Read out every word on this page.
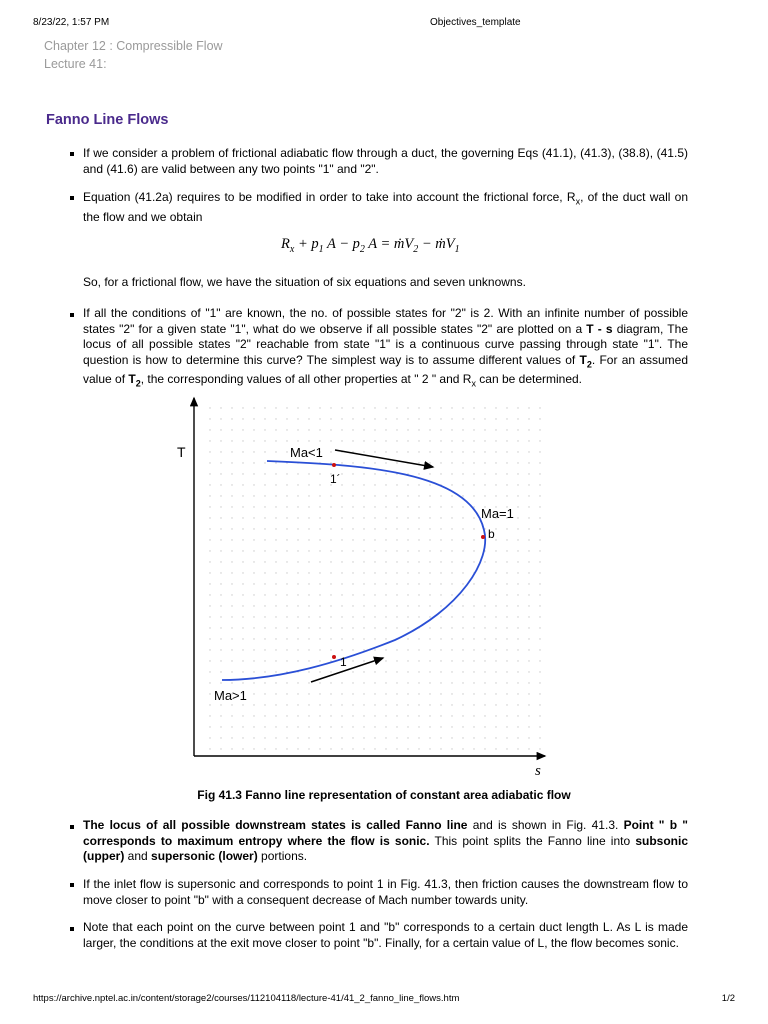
8/23/22, 1:57 PM	Objectives_template
Chapter 12 : Compressible Flow
Lecture 41:
Fanno Line Flows
If we consider a problem of frictional adiabatic flow through a duct, the governing Eqs (41.1), (41.3), (38.8), (41.5) and (41.6) are valid between any two points "1" and "2".
Equation (41.2a) requires to be modified in order to take into account the frictional force, $R_x$, of the duct wall on the flow and we obtain
$R_x + p_1$ $A - p_2$ A = ṁV$_2$ − ṁV$_1$
So, for a frictional flow, we have the situation of six equations and seven unknowns.
If all the conditions of "1" are known, the no. of possible states for "2" is 2. With an infinite number of possible states "2" for a given state "1", what do we observe if all possible states "2" are plotted on a T - s diagram, The locus of all possible states "2" reachable from state "1" is a continuous curve passing through state "1". The question is how to determine this curve? The simplest way is to assume different values of $T_2$. For an assumed value of $T_2$, the corresponding values of all other properties at " 2 " and $R_x$ can be determined.
T
s
Ma<1
1´
Ma=1
b
1
Ma>1
Fig 41.3 Fanno line representation of constant area adiabatic flow
The locus of all possible downstream states is called Fanno line and is shown in Fig. 41.3. Point " b " corresponds to maximum entropy where the flow is sonic. This point splits the Fanno line into subsonic (upper) and supersonic (lower) portions.
If the inlet flow is supersonic and corresponds to point 1 in Fig. 41.3, then friction causes the downstream flow to move closer to point "b" with a consequent decrease of Mach number towards unity.
Note that each point on the curve between point 1 and "b" corresponds to a certain duct length L. As L is made larger, the conditions at the exit move closer to point "b". Finally, for a certain value of L, the flow becomes sonic.
https://archive.nptel.ac.in/content/storage2/courses/112104118/lecture-41/41_2_fanno_line_flows.htm	1/2
